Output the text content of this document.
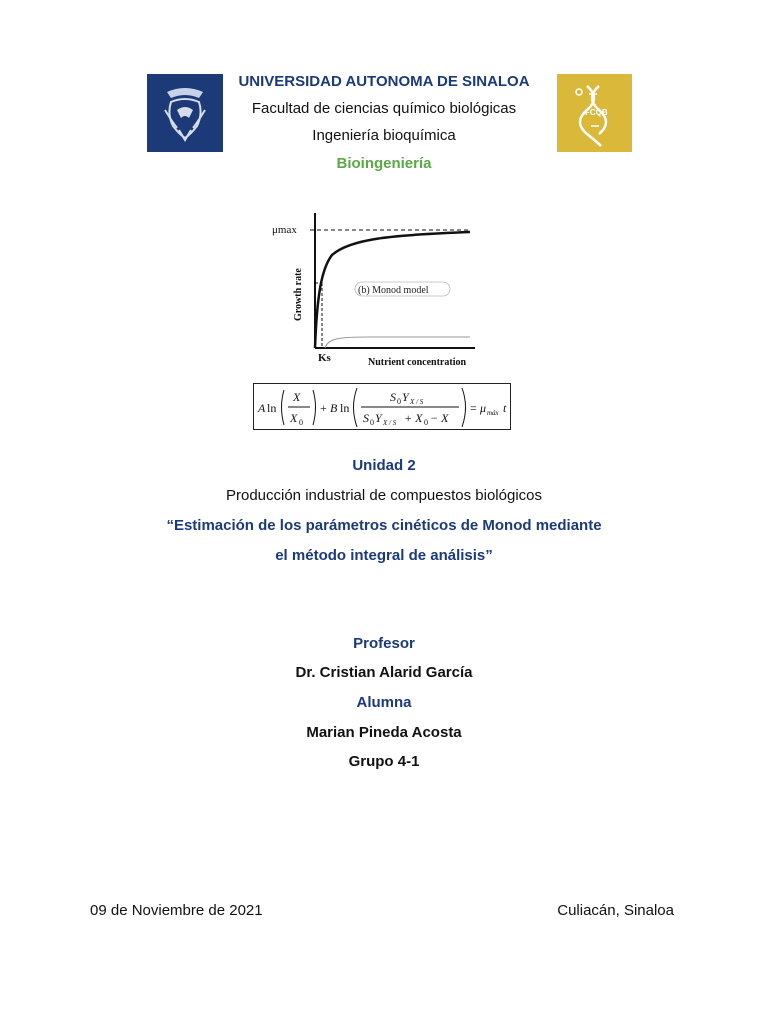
FCQB
UNIVERSIDAD AUTONOMA DE SINALOA
Facultad de ciencias químico biológicas
Ingeniería bioquímica
Bioingeniería
(b) Monod model
μmax
Ks	Nutrient concentration
Growth rate
A ln
X
X 0
+ B ln
S 0 Y X / S
S 0 Y X / S + X 0 − X
= μ máx t
Unidad 2
Producción industrial de compuestos biológicos
“Estimación de los parámetros cinéticos de Monod mediante
el método integral de análisis”
Profesor
Dr. Cristian Alarid García
Alumna
Marian Pineda Acosta
Grupo 4-1
09 de Noviembre de 2021	Culiacán, Sinaloa
